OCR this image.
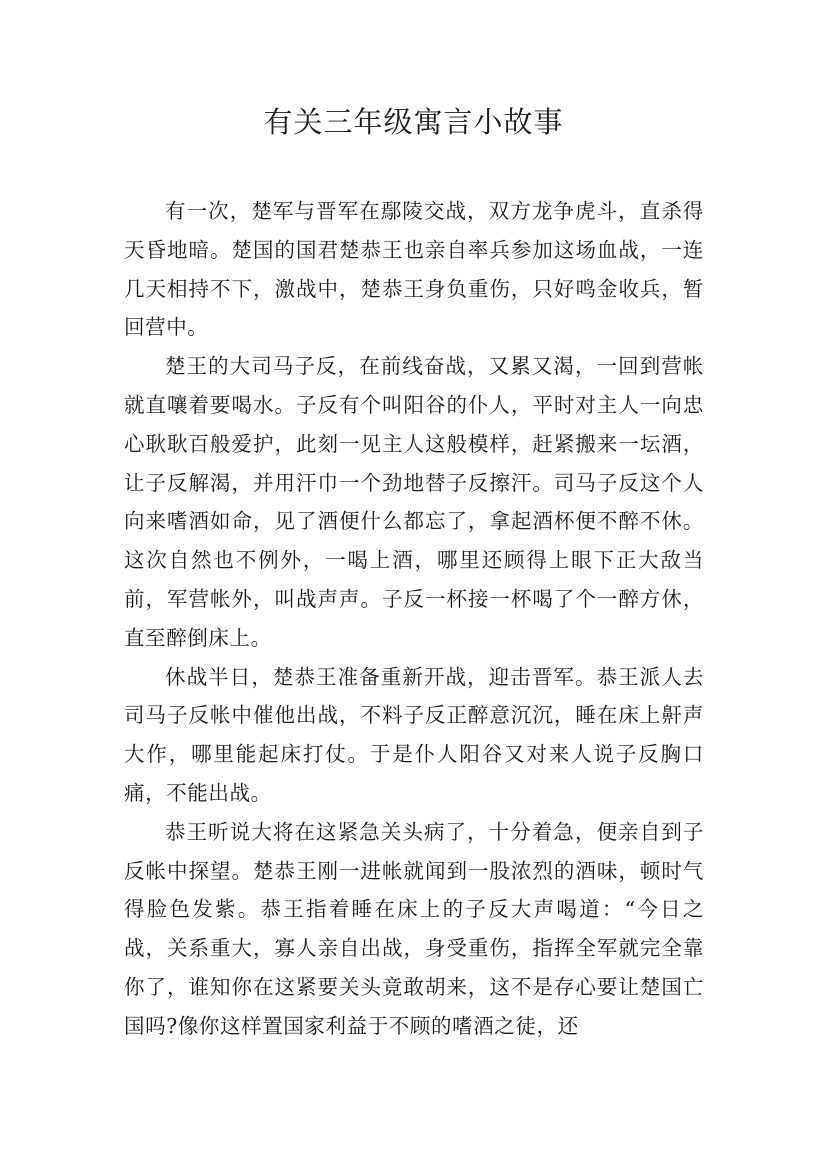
有关三年级寓言小故事

有一次，楚军与晋军在鄢陵交战，双方龙争虎斗，直杀得天昏地暗。楚国的国君楚恭王也亲自率兵参加这场血战，一连几天相持不下，激战中，楚恭王身负重伤，只好鸣金收兵，暂回营中。

楚王的大司马子反，在前线奋战，又累又渴，一回到营帐就直嚷着要喝水。子反有个叫阳谷的仆人，平时对主人一向忠心耿耿百般爱护，此刻一见主人这般模样，赶紧搬来一坛酒，让子反解渴，并用汗巾一个劲地替子反擦汗。司马子反这个人向来嗜酒如命，见了酒便什么都忘了，拿起酒杯便不醉不休。这次自然也不例外，一喝上酒，哪里还顾得上眼下正大敌当前，军营帐外，叫战声声。子反一杯接一杯喝了个一醉方休，直至醉倒床上。

休战半日，楚恭王准备重新开战，迎击晋军。恭王派人去司马子反帐中催他出战，不料子反正醉意沉沉，睡在床上鼾声大作，哪里能起床打仗。于是仆人阳谷又对来人说子反胸口痛，不能出战。

恭王听说大将在这紧急关头病了，十分着急，便亲自到子反帐中探望。楚恭王刚一进帐就闻到一股浓烈的酒味，顿时气得脸色发紫。恭王指着睡在床上的子反大声喝道：“今日之战，关系重大，寡人亲自出战，身受重伤，指挥全军就完全靠你了，谁知你在这紧要关头竟敢胡来，这不是存心要让楚国亡国吗?像你这样置国家利益于不顾的嗜酒之徒，还
